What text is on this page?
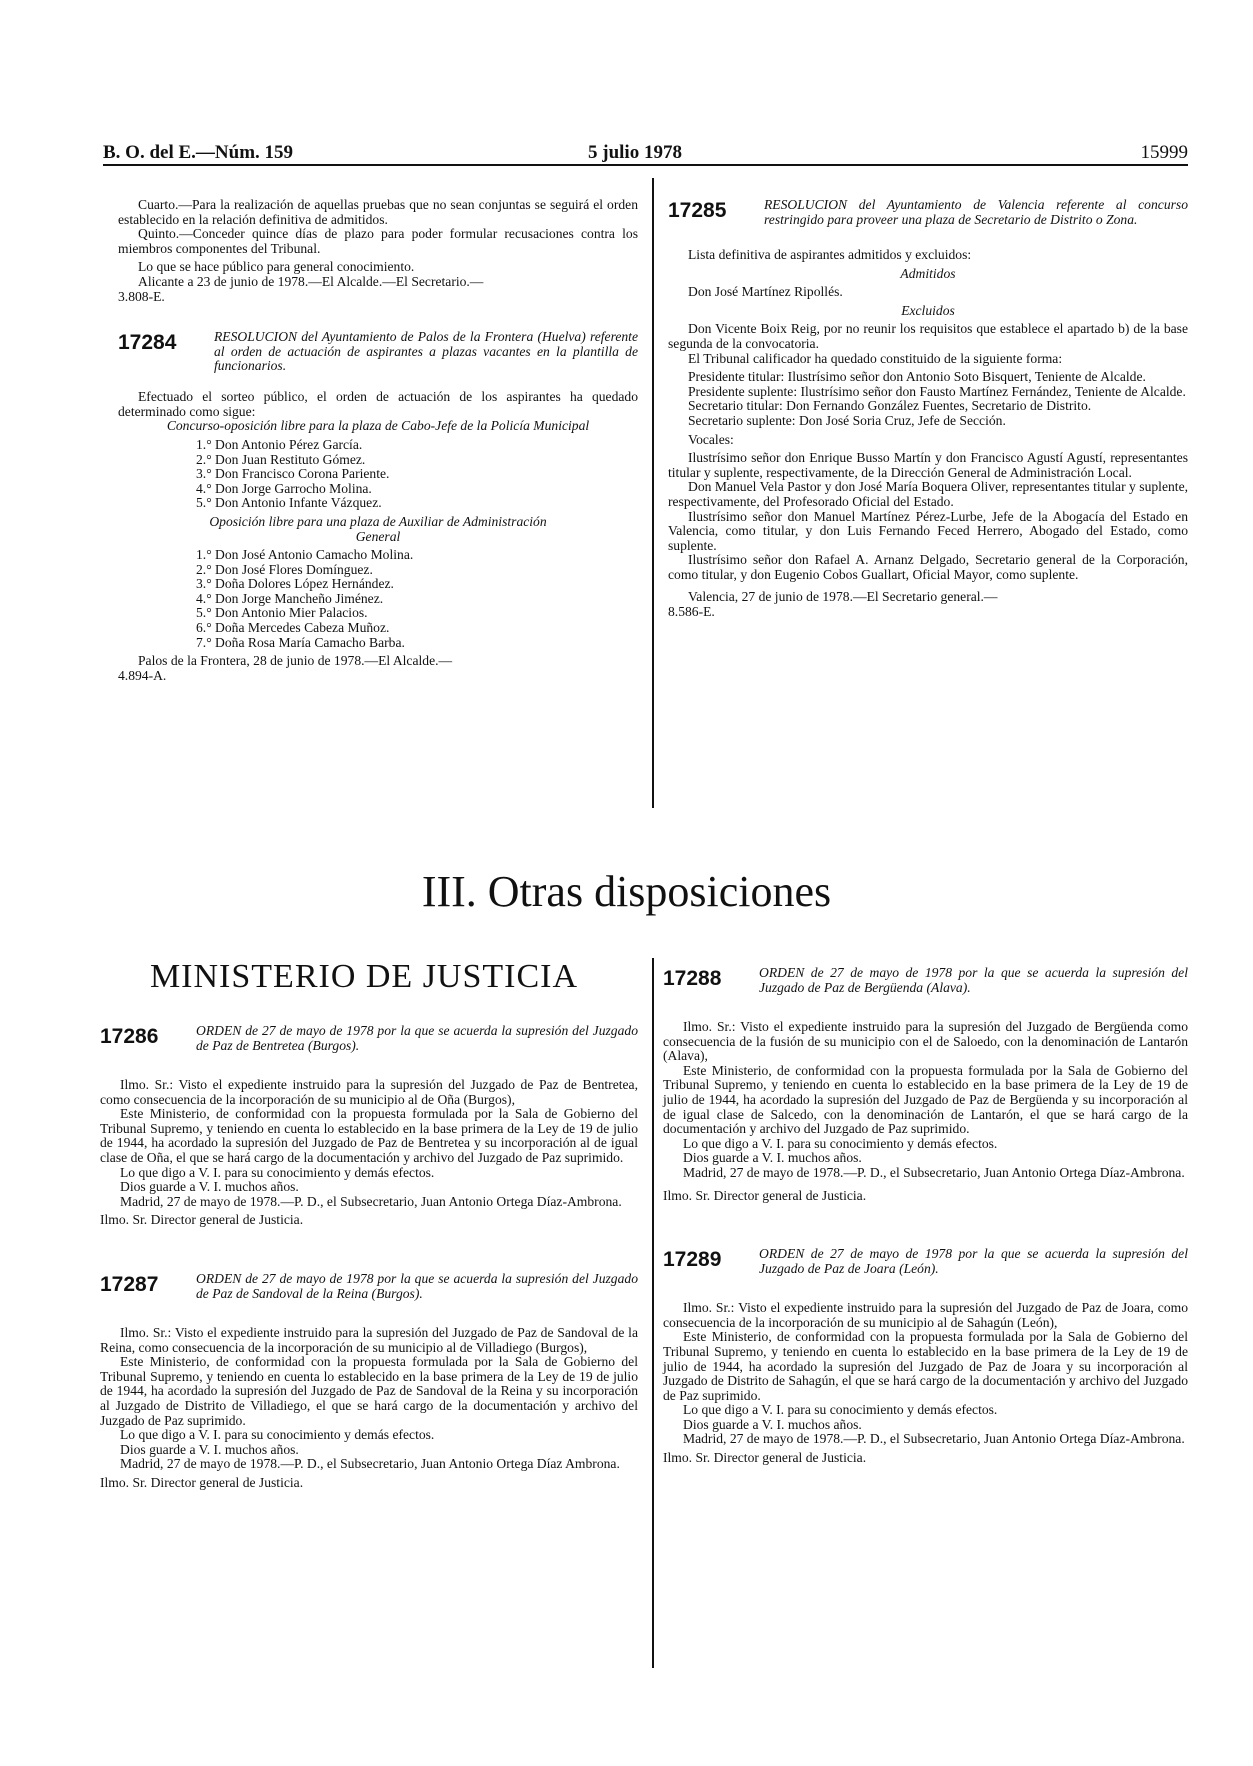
B. O. del E.—Núm. 159	5 julio 1978	15999

Cuarto.—Para la realización de aquellas pruebas que no sean conjuntas se seguirá el orden establecido en la relación definitiva de admitidos.

Quinto.—Conceder quince días de plazo para poder formular recusaciones contra los miembros componentes del Tribunal.

Lo que se hace público para general conocimiento.

Alicante a 23 de junio de 1978.—El Alcalde.—El Secretario.—

3.808-E.

17284	RESOLUCION del Ayuntamiento de Palos de la Frontera (Huelva) referente al orden de actuación de aspirantes a plazas vacantes en la plantilla de funcionarios.

Efectuado el sorteo público, el orden de actuación de los aspirantes ha quedado determinado como sigue:

Concurso-oposición libre para la plaza de Cabo-Jefe de la Policía Municipal
1.° Don Antonio Pérez García.
2.° Don Juan Restituto Gómez.
3.° Don Francisco Corona Pariente.
4.° Don Jorge Garrocho Molina.
5.° Don Antonio Infante Vázquez.
Oposición libre para una plaza de Auxiliar de Administración General
1.° Don José Antonio Camacho Molina.
2.° Don José Flores Domínguez.
3.° Doña Dolores López Hernández.
4.° Don Jorge Mancheño Jiménez.
5.° Don Antonio Mier Palacios.
6.° Doña Mercedes Cabeza Muñoz.
7.° Doña Rosa María Camacho Barba.

Palos de la Frontera, 28 de junio de 1978.—El Alcalde.—

4.894-A.

17285	RESOLUCION del Ayuntamiento de Valencia referente al concurso restringido para proveer una plaza de Secretario de Distrito o Zona.

Lista definitiva de aspirantes admitidos y excluidos:

Admitidos

Don José Martínez Ripollés.

Excluidos

Don Vicente Boix Reig, por no reunir los requisitos que establece el apartado b) de la base segunda de la convocatoria.

El Tribunal calificador ha quedado constituido de la siguiente forma:

Presidente titular: Ilustrísimo señor don Antonio Soto Bisquert, Teniente de Alcalde.

Presidente suplente: Ilustrísimo señor don Fausto Martínez Fernández, Teniente de Alcalde.

Secretario titular: Don Fernando González Fuentes, Secretario de Distrito.

Secretario suplente: Don José Soria Cruz, Jefe de Sección.

Vocales:

Ilustrísimo señor don Enrique Busso Martín y don Francisco Agustí Agustí, representantes titular y suplente, respectivamente, de la Dirección General de Administración Local.

Don Manuel Vela Pastor y don José María Boquera Oliver, representantes titular y suplente, respectivamente, del Profesorado Oficial del Estado.

Ilustrísimo señor don Manuel Martínez Pérez-Lurbe, Jefe de la Abogacía del Estado en Valencia, como titular, y don Luis Fernando Feced Herrero, Abogado del Estado, como suplente.

Ilustrísimo señor don Rafael A. Arnanz Delgado, Secretario general de la Corporación, como titular, y don Eugenio Cobos Guallart, Oficial Mayor, como suplente.

Valencia, 27 de junio de 1978.—El Secretario general.—

8.586-E.

III. Otras disposiciones
MINISTERIO DE JUSTICIA
17286	ORDEN de 27 de mayo de 1978 por la que se acuerda la supresión del Juzgado de Paz de Bentretea (Burgos).

Ilmo. Sr.: Visto el expediente instruido para la supresión del Juzgado de Paz de Bentretea, como consecuencia de la incorporación de su municipio al de Oña (Burgos),

Este Ministerio, de conformidad con la propuesta formulada por la Sala de Gobierno del Tribunal Supremo, y teniendo en cuenta lo establecido en la base primera de la Ley de 19 de julio de 1944, ha acordado la supresión del Juzgado de Paz de Bentretea y su incorporación al de igual clase de Oña, el que se hará cargo de la documentación y archivo del Juzgado de Paz suprimido.

Lo que digo a V. I. para su conocimiento y demás efectos.

Dios guarde a V. I. muchos años.

Madrid, 27 de mayo de 1978.—P. D., el Subsecretario, Juan Antonio Ortega Díaz-Ambrona.

Ilmo. Sr. Director general de Justicia.

17287	ORDEN de 27 de mayo de 1978 por la que se acuerda la supresión del Juzgado de Paz de Sandoval de la Reina (Burgos).

Ilmo. Sr.: Visto el expediente instruido para la supresión del Juzgado de Paz de Sandoval de la Reina, como consecuencia de la incorporación de su municipio al de Villadiego (Burgos),

Este Ministerio, de conformidad con la propuesta formulada por la Sala de Gobierno del Tribunal Supremo, y teniendo en cuenta lo establecido en la base primera de la Ley de 19 de julio de 1944, ha acordado la supresión del Juzgado de Paz de Sandoval de la Reina y su incorporación al Juzgado de Distrito de Villadiego, el que se hará cargo de la documentación y archivo del Juzgado de Paz suprimido.

Lo que digo a V. I. para su conocimiento y demás efectos.

Dios guarde a V. I. muchos años.

Madrid, 27 de mayo de 1978.—P. D., el Subsecretario, Juan Antonio Ortega Díaz Ambrona.

Ilmo. Sr. Director general de Justicia.

17288	ORDEN de 27 de mayo de 1978 por la que se acuerda la supresión del Juzgado de Paz de Bergüenda (Alava).

Ilmo. Sr.: Visto el expediente instruido para la supresión del Juzgado de Bergüenda como consecuencia de la fusión de su municipio con el de Saloedo, con la denominación de Lantarón (Alava),

Este Ministerio, de conformidad con la propuesta formulada por la Sala de Gobierno del Tribunal Supremo, y teniendo en cuenta lo establecido en la base primera de la Ley de 19 de julio de 1944, ha acordado la supresión del Juzgado de Paz de Bergüenda y su incorporación al de igual clase de Salcedo, con la denominación de Lantarón, el que se hará cargo de la documentación y archivo del Juzgado de Paz suprimido.

Lo que digo a V. I. para su conocimiento y demás efectos.

Dios guarde a V. I. muchos años.

Madrid, 27 de mayo de 1978.—P. D., el Subsecretario, Juan Antonio Ortega Díaz-Ambrona.

Ilmo. Sr. Director general de Justicia.

17289	ORDEN de 27 de mayo de 1978 por la que se acuerda la supresión del Juzgado de Paz de Joara (León).

Ilmo. Sr.: Visto el expediente instruido para la supresión del Juzgado de Paz de Joara, como consecuencia de la incorporación de su municipio al de Sahagún (León),

Este Ministerio, de conformidad con la propuesta formulada por la Sala de Gobierno del Tribunal Supremo, y teniendo en cuenta lo establecido en la base primera de la Ley de 19 de julio de 1944, ha acordado la supresión del Juzgado de Paz de Joara y su incorporación al Juzgado de Distrito de Sahagún, el que se hará cargo de la documentación y archivo del Juzgado de Paz suprimido.

Lo que digo a V. I. para su conocimiento y demás efectos.

Dios guarde a V. I. muchos años.

Madrid, 27 de mayo de 1978.—P. D., el Subsecretario, Juan Antonio Ortega Díaz-Ambrona.

Ilmo. Sr. Director general de Justicia.
